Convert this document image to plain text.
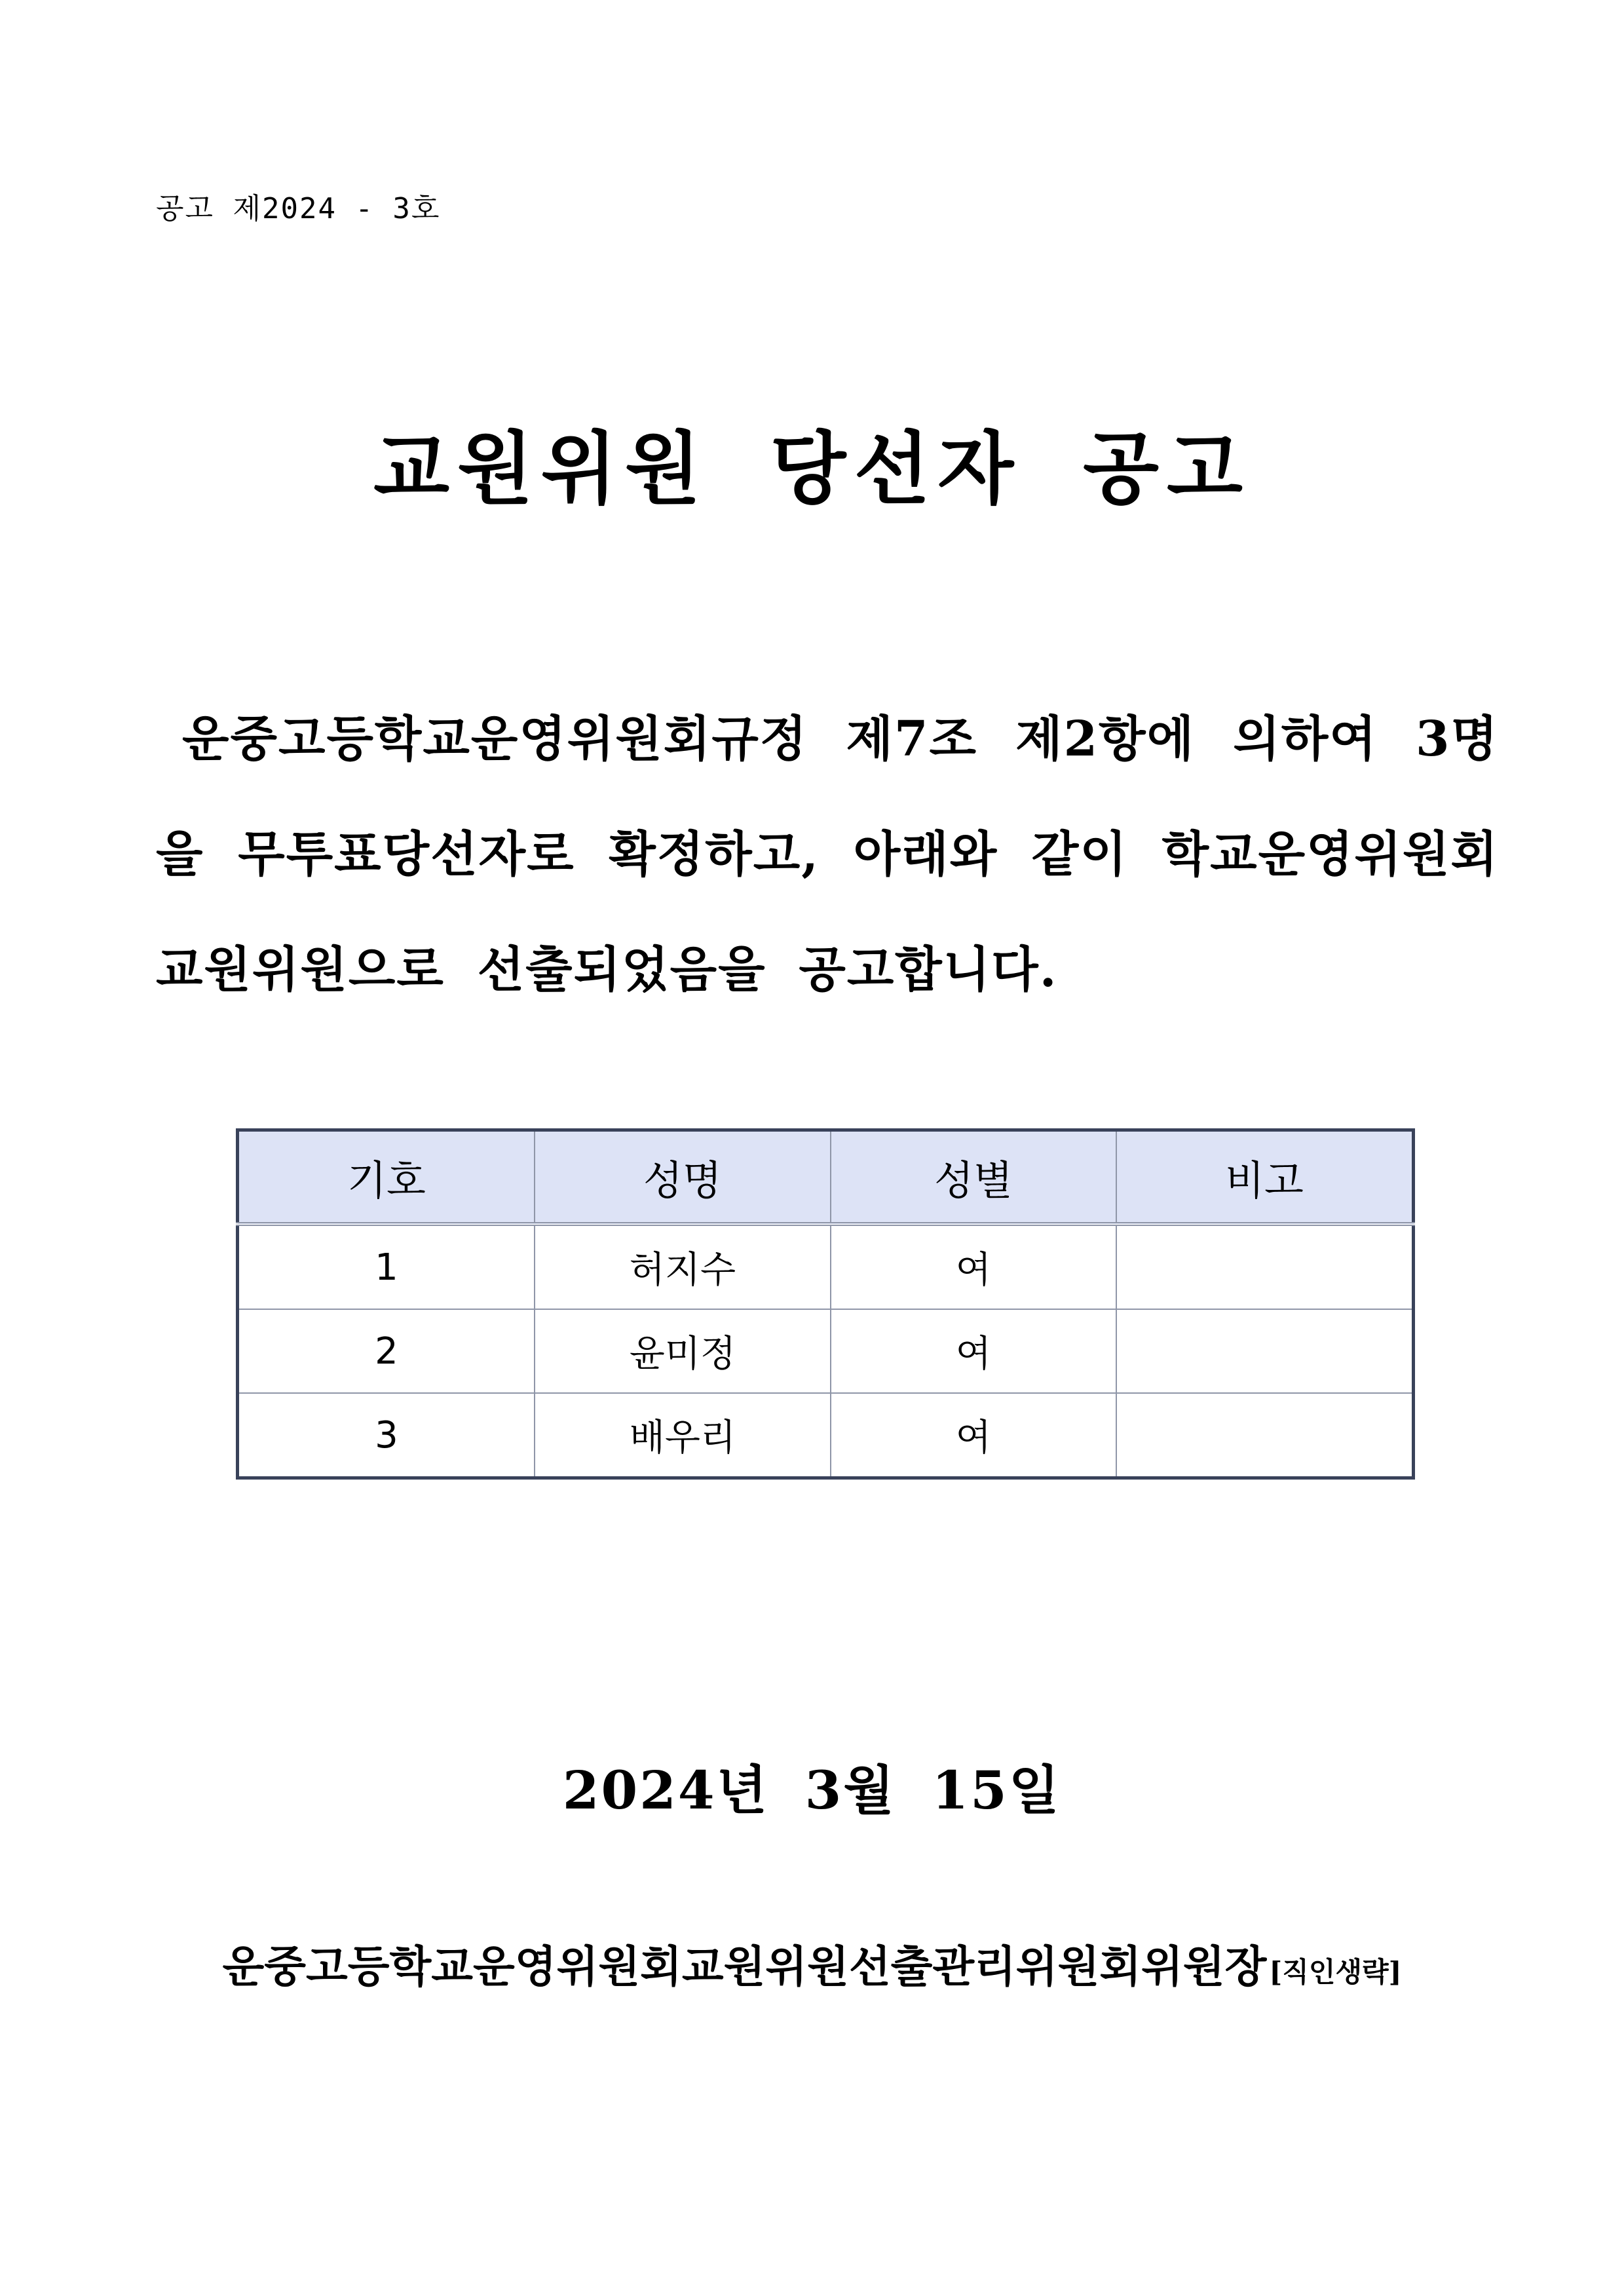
공고 제2024 - 3호
교원위원 당선자 공고
운중고등학교운영위원회규정 제7조 제2항에 의하여 3명을 무투표당선자로 확정하고, 아래와 같이 학교운영위원회 교원위원으로 선출되었음을 공고합니다.
기호	성명	성별	비고
1	허지수	여	
2	윤미정	여	
3	배우리	여	
2024년 3월 15일
운중고등학교운영위원회교원위원선출관리위원회위원장[직인생략]
